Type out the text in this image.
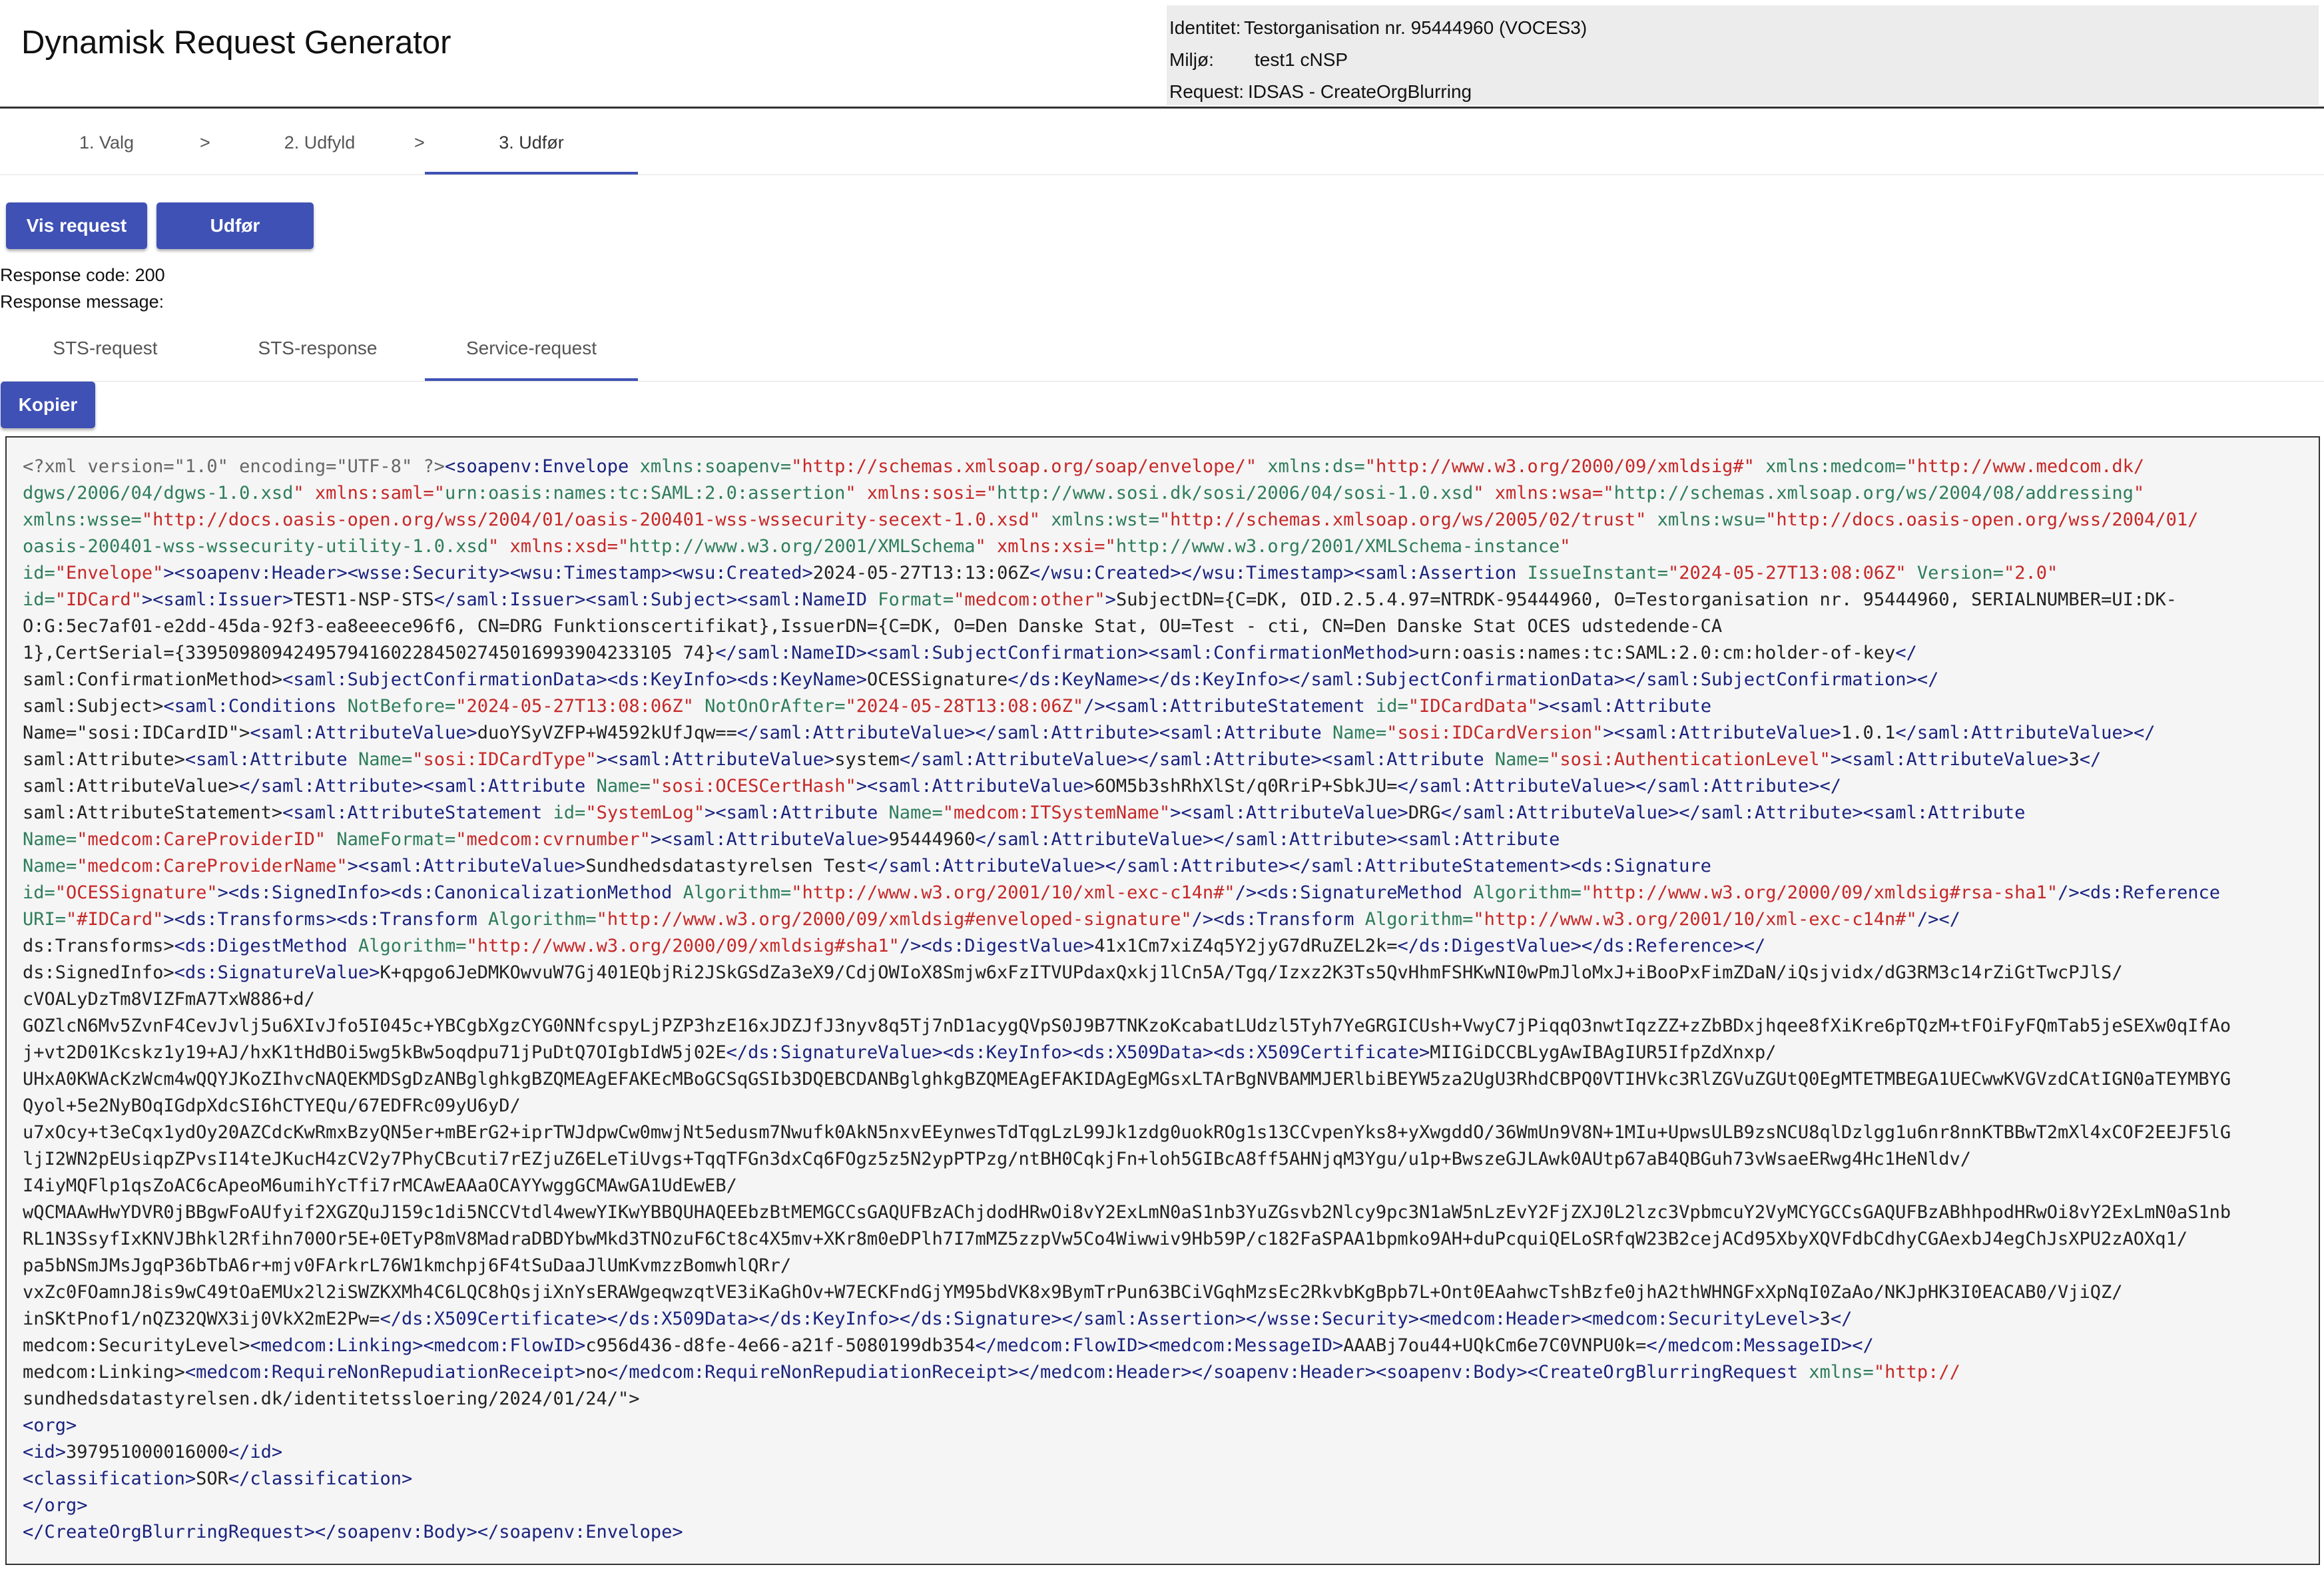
Dynamisk Request Generator	Identitet: Testorganisation nr. 95444960 (VOCES3)
Miljø:	test1 cNSP
Request: IDSAS - CreateOrgBlurring
1. Valg	>	2. Udfyld	>	3. Udfør
Vis request	Udfør request
Response code: 200
Response message:
STS-request	STS-response	Service-request
Kopier
<?xml version="1.0" encoding="UTF-8" ?><soapenv:Envelope xmlns:soapenv="http://schemas.xmlsoap.org/soap/envelope/" xmlns:ds="http://www.w3.org/2000/09/xmldsig#" xmlns:medcom="http://www.medcom.dk/
dgws/2006/04/dgws-1.0.xsd" xmlns:saml="urn:oasis:names:tc:SAML:2.0:assertion" xmlns:sosi="http://www.sosi.dk/sosi/2006/04/sosi-1.0.xsd" xmlns:wsa="http://schemas.xmlsoap.org/ws/2004/08/addressing"
xmlns:wsse="http://docs.oasis-open.org/wss/2004/01/oasis-200401-wss-wssecurity-secext-1.0.xsd" xmlns:wst="http://schemas.xmlsoap.org/ws/2005/02/trust" xmlns:wsu="http://docs.oasis-open.org/wss/2004/01/
oasis-200401-wss-wssecurity-utility-1.0.xsd" xmlns:xsd="http://www.w3.org/2001/XMLSchema" xmlns:xsi="http://www.w3.org/2001/XMLSchema-instance"
id="Envelope"><soapenv:Header><wsse:Security><wsu:Timestamp><wsu:Created>2024-05-27T13:13:06Z</wsu:Created></wsu:Timestamp><saml:Assertion IssueInstant="2024-05-27T13:08:06Z" Version="2.0"
id="IDCard"><saml:Issuer>TEST1-NSP-STS</saml:Issuer><saml:Subject><saml:NameID Format="medcom:other">SubjectDN={C=DK, OID.2.5.4.97=NTRDK-95444960, O=Testorganisation nr. 95444960, SERIALNUMBER=UI:DK-
O:G:5ec7af01-e2dd-45da-92f3-ea8eeece96f6, CN=DRG Funktionscertifikat},IssuerDN={C=DK, O=Den Danske Stat, OU=Test - cti, CN=Den Danske Stat OCES udstedende-CA
1},CertSerial={339509809424957941602284502745016993904233105 74}</saml:NameID><saml:SubjectConfirmation><saml:ConfirmationMethod>urn:oasis:names:tc:SAML:2.0:cm:holder-of-key</
saml:ConfirmationMethod><saml:SubjectConfirmationData><ds:KeyInfo><ds:KeyName>OCESSignature</ds:KeyName></ds:KeyInfo></saml:SubjectConfirmationData></saml:SubjectConfirmation></
saml:Subject><saml:Conditions NotBefore="2024-05-27T13:08:06Z" NotOnOrAfter="2024-05-28T13:08:06Z"/><saml:AttributeStatement id="IDCardData"><saml:Attribute
Name="sosi:IDCardID"><saml:AttributeValue>duoYSyVZFP+W4592kUfJqw==</saml:AttributeValue></saml:Attribute><saml:Attribute Name="sosi:IDCardVersion"><saml:AttributeValue>1.0.1</saml:AttributeValue></
saml:Attribute><saml:Attribute Name="sosi:IDCardType"><saml:AttributeValue>system</saml:AttributeValue></saml:Attribute><saml:Attribute Name="sosi:AuthenticationLevel"><saml:AttributeValue>3</
saml:AttributeValue></saml:Attribute><saml:Attribute Name="sosi:OCESCertHash"><saml:AttributeValue>6OM5b3shRhXlSt/q0RriP+SbkJU=</saml:AttributeValue></saml:Attribute></
saml:AttributeStatement><saml:AttributeStatement id="SystemLog"><saml:Attribute Name="medcom:ITSystemName"><saml:AttributeValue>DRG</saml:AttributeValue></saml:Attribute><saml:Attribute
Name="medcom:CareProviderID" NameFormat="medcom:cvrnumber"><saml:AttributeValue>95444960</saml:AttributeValue></saml:Attribute><saml:Attribute
Name="medcom:CareProviderName"><saml:AttributeValue>Sundhedsdatastyrelsen Test</saml:AttributeValue></saml:Attribute></saml:AttributeStatement><ds:Signature
id="OCESSignature"><ds:SignedInfo><ds:CanonicalizationMethod Algorithm="http://www.w3.org/2001/10/xml-exc-c14n#"/><ds:SignatureMethod Algorithm="http://www.w3.org/2000/09/xmldsig#rsa-sha1"/><ds:Reference
URI="#IDCard"><ds:Transforms><ds:Transform Algorithm="http://www.w3.org/2000/09/xmldsig#enveloped-signature"/><ds:Transform Algorithm="http://www.w3.org/2001/10/xml-exc-c14n#"/></
ds:Transforms><ds:DigestMethod Algorithm="http://www.w3.org/2000/09/xmldsig#sha1"/><ds:DigestValue>41x1Cm7xiZ4q5Y2jyG7dRuZEL2k=</ds:DigestValue></ds:Reference></
ds:SignedInfo><ds:SignatureValue>K+qpgo6JeDMKOwvuW7Gj401EQbjRi2JSkGSdZa3eX9/CdjOWIoX8Smjw6xFzITVUPdaxQxkj1lCn5A/Tgq/Izxz2K3Ts5QvHhmFSHKwNI0wPmJloMxJ+iBooPxFimZDaN/iQsjvidx/dG3RM3c14rZiGtTwcPJlS/
cVOALyDzTm8VIZFmA7TxW886+d/
GOZlcN6Mv5ZvnF4CevJvlj5u6XIvJfo5I045c+YBCgbXgzCYG0NNfcspyLjPZP3hzE16xJDZJfJ3nyv8q5Tj7nD1acygQVpS0J9B7TNKzoKcabatLUdzl5Tyh7YeGRGICUsh+VwyC7jPiqqO3nwtIqzZZ+zZbBDxjhqee8fXiKre6pTQzM+tFOiFyFQmTab5jeSEXw0qIfAo
j+vt2D01Kcskz1y19+AJ/hxK1tHdBOi5wg5kBw5oqdpu71jPuDtQ7OIgbIdW5j02E</ds:SignatureValue><ds:KeyInfo><ds:X509Data><ds:X509Certificate>MIIGiDCCBLygAwIBAgIUR5IfpZdXnxp/
UHxA0KWAcKzWcm4wQQYJKoZIhvcNAQEKMDSgDzANBglghkgBZQMEAgEFAKEcMBoGCSqGSIb3DQEBCDANBglghkgBZQMEAgEFAKIDAgEgMGsxLTArBgNVBAMMJERlbiBEYW5za2UgU3RhdCBPQ0VTIHVkc3RlZGVuZGUtQ0EgMTETMBEGA1UECwwKVGVzdCAtIGN0aTEYMBYG
Qyol+5e2NyBOqIGdpXdcSI6hCTYEQu/67EDFRc09yU6yD/
u7xOcy+t3eCqx1ydOy20AZCdcKwRmxBzyQN5er+mBErG2+iprTWJdpwCw0mwjNt5edusm7Nwufk0AkN5nxvEEynwesTdTqgLzL99Jk1zdg0uokROg1s13CCvpenYks8+yXwgddO/36WmUn9V8N+1MIu+UpwsULB9zsNCU8qlDzlgg1u6nr8nnKTBBwT2mXl4xCOF2EEJF5lG
ljI2WN2pEUsiqpZPvsI14teJKucH4zCV2y7PhyCBcuti7rEZjuZ6ELeTiUvgs+TqqTFGn3dxCq6FOgz5z5N2ypPTPzg/ntBH0CqkjFn+loh5GIBcA8ff5AHNjqM3Ygu/u1p+BwszeGJLAwk0AUtp67aB4QBGuh73vWsaeERwg4Hc1HeNldv/
I4iyMQFlp1qsZoAC6cApeoM6umihYcTfi7rMCAwEAAaOCAYYwggGCMAwGA1UdEwEB/
wQCMAAwHwYDVR0jBBgwFoAUfyif2XGZQuJ159c1di5NCCVtdl4wewYIKwYBBQUHAQEEbzBtMEMGCCsGAQUFBzAChjdodHRwOi8vY2ExLmN0aS1nb3YuZGsvb2Nlcy9pc3N1aW5nLzEvY2FjZXJ0L2lzc3VpbmcuY2VyMCYGCCsGAQUFBzABhhpodHRwOi8vY2ExLmN0aS1nb
RL1N3SsyfIxKNVJBhkl2Rfihn700Or5E+0ETyP8mV8MadraDBDYbwMkd3TNOzuF6Ct8c4X5mv+XKr8m0eDPlh7I7mMZ5zzpVw5Co4Wiwwiv9Hb59P/c182FaSPAA1bpmko9AH+duPcquiQELoSRfqW23B2cejACd95XbyXQVFdbCdhyCGAexbJ4egChJsXPU2zAOXq1/
pa5bNSmJMsJgqP36bTbA6r+mjv0FArkrL76W1kmchpj6F4tSuDaaJlUmKvmzzBomwhlQRr/
vxZc0FOamnJ8is9wC49tOaEMUx2l2iSWZKXMh4C6LQC8hQsjiXnYsERAWgeqwzqtVE3iKaGhOv+W7ECKFndGjYM95bdVK8x9BymTrPun63BCiVGqhMzsEc2RkvbKgBpb7L+Ont0EAahwcTshBzfe0jhA2thWHNGFxXpNqI0ZaAo/NKJpHK3I0EACAB0/VjiQZ/
inSKtPnof1/nQZ32QWX3ij0VkX2mE2Pw=</ds:X509Certificate></ds:X509Data></ds:KeyInfo></ds:Signature></saml:Assertion></wsse:Security><medcom:Header><medcom:SecurityLevel>3</
medcom:SecurityLevel><medcom:Linking><medcom:FlowID>c956d436-d8fe-4e66-a21f-5080199db354</medcom:FlowID><medcom:MessageID>AAABj7ou44+UQkCm6e7C0VNPU0k=</medcom:MessageID></
medcom:Linking><medcom:RequireNonRepudiationReceipt>no</medcom:RequireNonRepudiationReceipt></medcom:Header></soapenv:Header><soapenv:Body><CreateOrgBlurringRequest xmlns="http://
sundhedsdatastyrelsen.dk/identitetssloering/2024/01/24/">
<org>
<id>397951000016000</id>
<classification>SOR</classification>
</org>
</CreateOrgBlurringRequest></soapenv:Body></soapenv:Envelope>
